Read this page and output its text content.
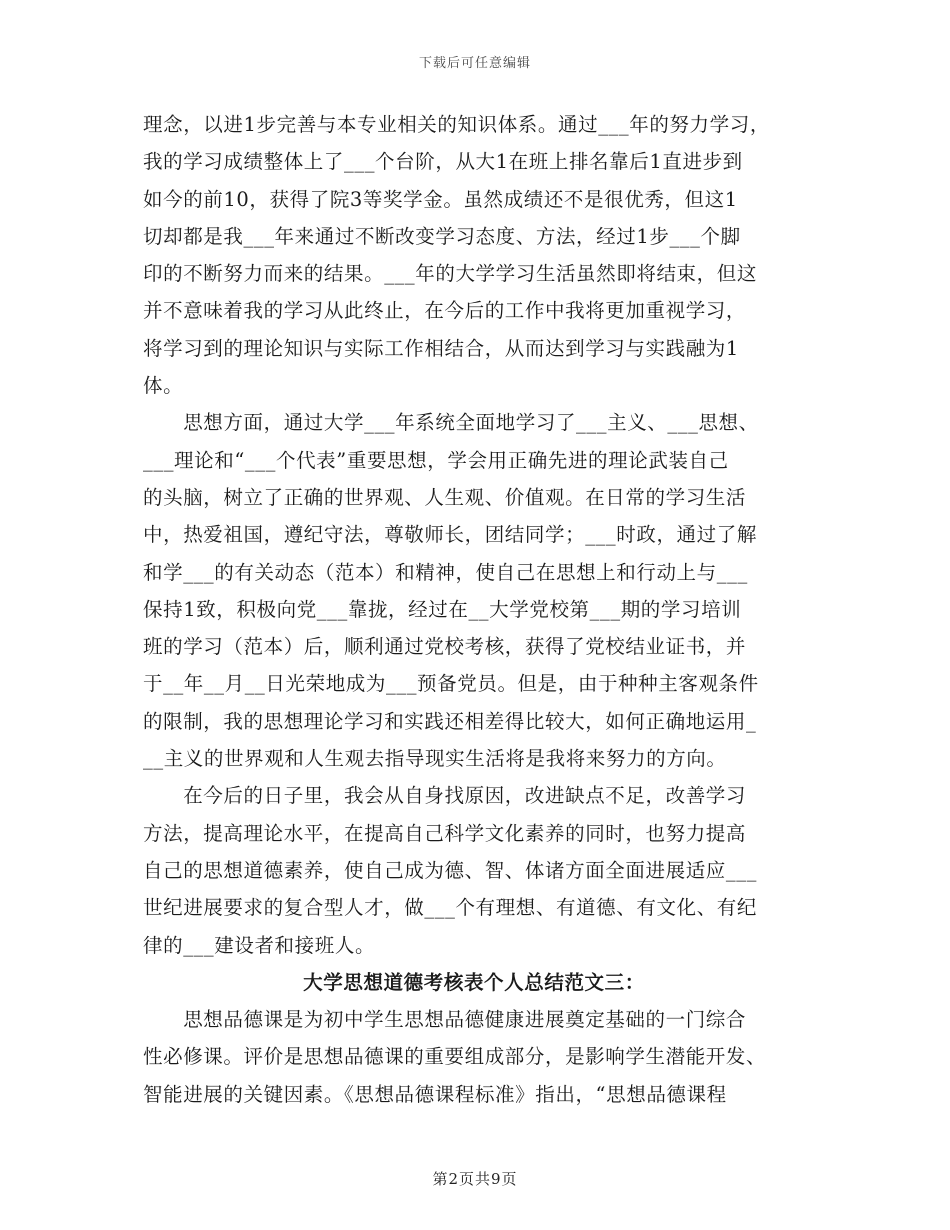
下载后可任意编辑
理念，以进1步完善与本专业相关的知识体系。通过___年的努力学习，
我的学习成绩整体上了___个台阶，从大1在班上排名靠后1直进步到
如今的前10，获得了院3等奖学金。虽然成绩还不是很优秀，但这1
切却都是我___年来通过不断改变学习态度、方法，经过1步___个脚
印的不断努力而来的结果。___年的大学学习生活虽然即将结束，但这
并不意味着我的学习从此终止，在今后的工作中我将更加重视学习，
将学习到的理论知识与实际工作相结合，从而达到学习与实践融为1
体。
　　思想方面，通过大学___年系统全面地学习了___主义、___思想、
___理论和“___个代表”重要思想，学会用正确先进的理论武装自己
的头脑，树立了正确的世界观、人生观、价值观。在日常的学习生活
中，热爱祖国，遵纪守法，尊敬师长，团结同学；___时政，通过了解
和学___的有关动态（范本）和精神，使自己在思想上和行动上与___
保持1致，积极向党___靠拢，经过在__大学党校第___期的学习培训
班的学习（范本）后，顺利通过党校考核，获得了党校结业证书，并
于__年__月__日光荣地成为___预备党员。但是，由于种种主客观条件
的限制，我的思想理论学习和实践还相差得比较大，如何正确地运用_
__主义的世界观和人生观去指导现实生活将是我将来努力的方向。
　　在今后的日子里，我会从自身找原因，改进缺点不足，改善学习
方法，提高理论水平，在提高自己科学文化素养的同时，也努力提高
自己的思想道德素养，使自己成为德、智、体诸方面全面进展适应___
世纪进展要求的复合型人才，做___个有理想、有道德、有文化、有纪
律的___建设者和接班人。
大学思想道德考核表个人总结范文三：
　　思想品德课是为初中学生思想品德健康进展奠定基础的一门综合
性必修课。评价是思想品德课的重要组成部分，是影响学生潜能开发、
智能进展的关键因素。《思想品德课程标准》指出，“思想品德课程
第2页共9页
